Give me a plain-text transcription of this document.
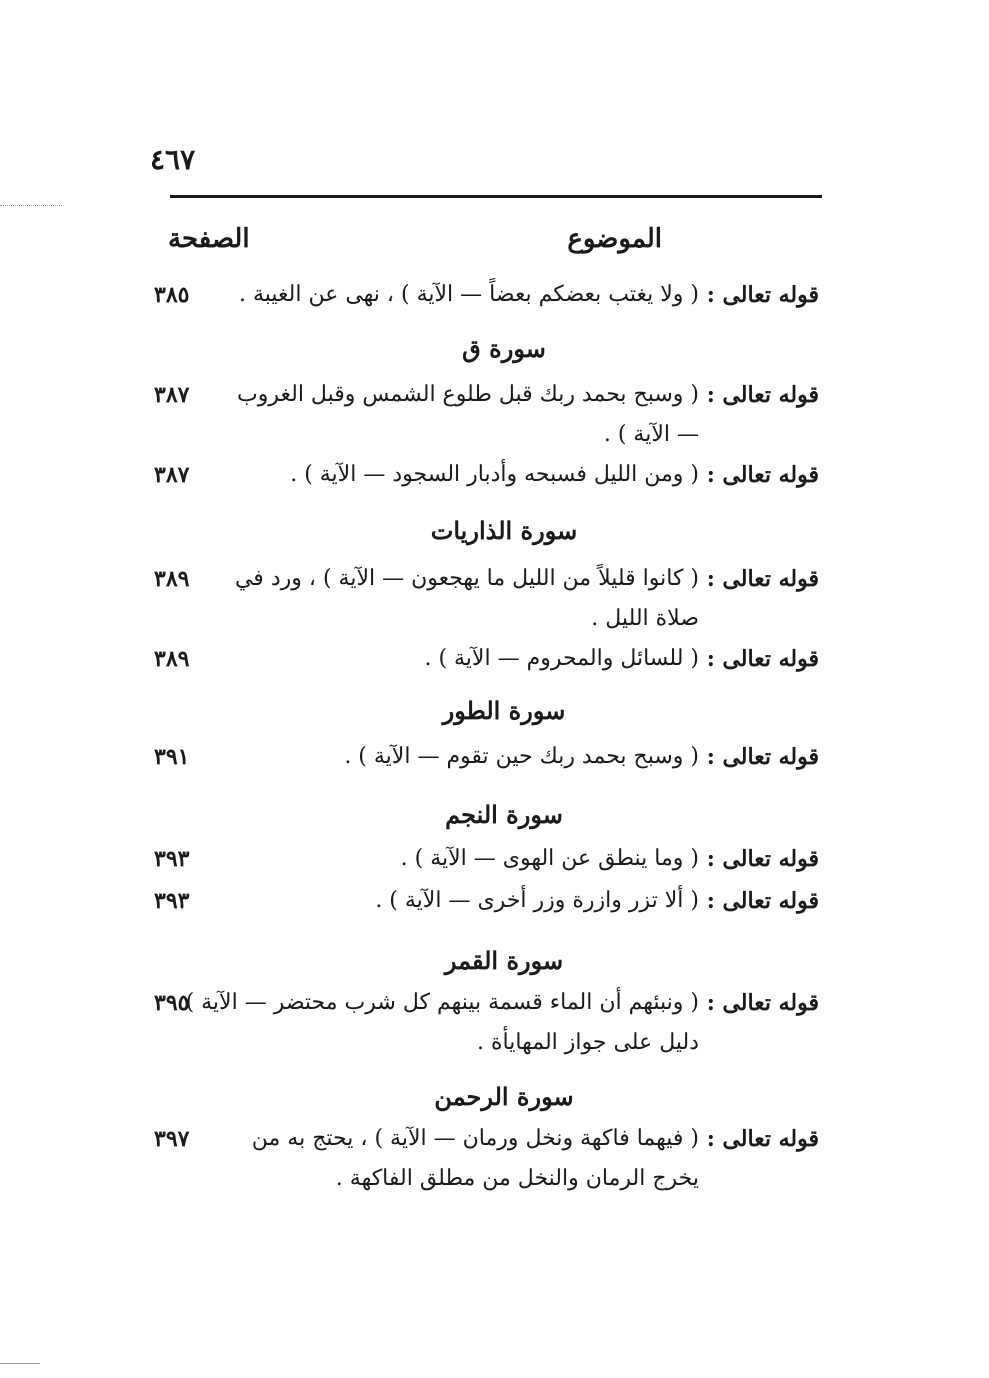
٤٦٧
الموضوع
الصفحة
قوله تعالى :
( ولا يغتب بعضكم بعضاً — الآية ) ، نهى عن الغيبة .
٣٨٥
سورة ق
قوله تعالى :
( وسبح بحمد ربك قبل طلوع الشمس وقبل الغروب
— الآية ) .
٣٨٧
قوله تعالى :
( ومن الليل فسبحه وأدبار السجود — الآية ) .
٣٨٧
سورة الذاريات
قوله تعالى :
( كانوا قليلاً من الليل ما يهجعون — الآية ) ، ورد في
صلاة الليل .
٣٨٩
قوله تعالى :
( للسائل والمحروم — الآية ) .
٣٨٩
سورة الطور
قوله تعالى :
( وسبح بحمد ربك حين تقوم — الآية ) .
٣٩١
سورة النجم
قوله تعالى :
( وما ينطق عن الهوى — الآية ) .
٣٩٣
قوله تعالى :
( ألا تزر وازرة وزر أخرى — الآية ) .
٣٩٣
سورة القمر
قوله تعالى :
( ونبئهم أن الماء قسمة بينهم كل شرب محتضر — الآية )
دليل على جواز المهايأة .
٣٩٥
سورة الرحمن
قوله تعالى :
( فيهما فاكهة ونخل ورمان — الآية ) ، يحتج به من
يخرج الرمان والنخل من مطلق الفاكهة .
٣٩٧
